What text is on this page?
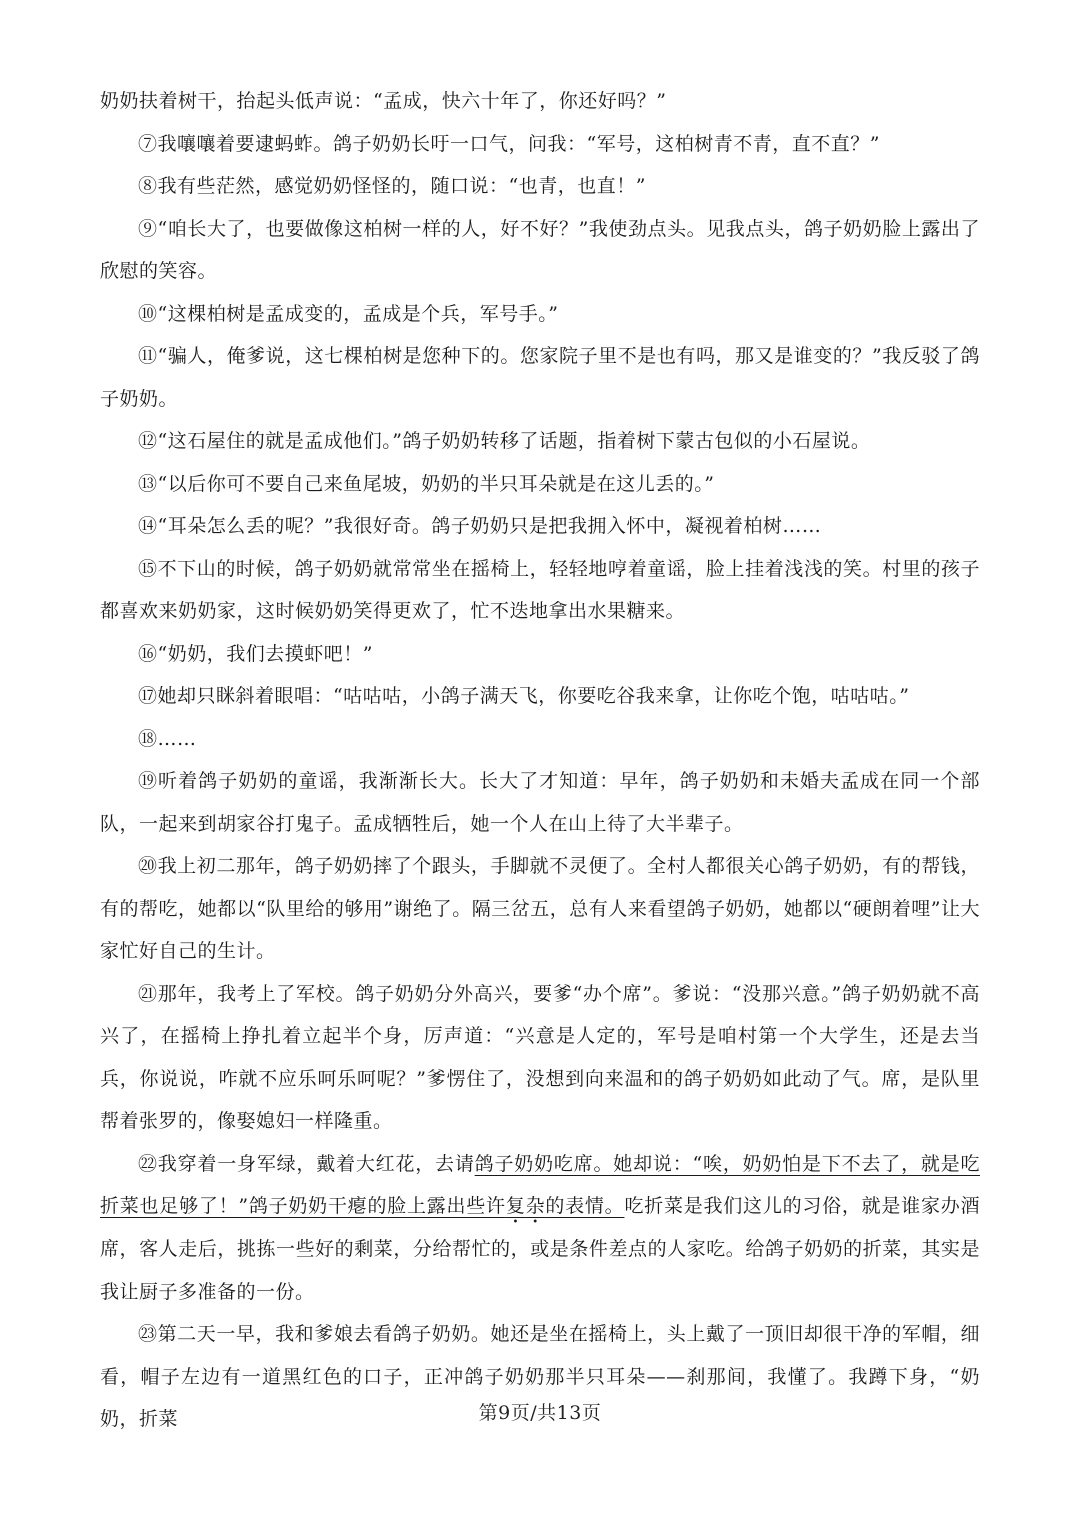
奶奶扶着树干，抬起头低声说：“孟成，快六十年了，你还好吗？”

⑦我嚷嚷着要逮蚂蚱。鸽子奶奶长吁一口气，问我：“军号，这柏树青不青，直不直？”

⑧我有些茫然，感觉奶奶怪怪的，随口说：“也青，也直！”

⑨“咱长大了，也要做像这柏树一样的人，好不好？”我使劲点头。见我点头，鸽子奶奶脸上露出了欣慰的笑容。

⑩“这棵柏树是孟成变的，孟成是个兵，军号手。”

⑪“骗人，俺爹说，这七棵柏树是您种下的。您家院子里不是也有吗，那又是谁变的？”我反驳了鸽子奶奶。

⑫“这石屋住的就是孟成他们。”鸽子奶奶转移了话题，指着树下蒙古包似的小石屋说。

⑬“以后你可不要自己来鱼尾坡，奶奶的半只耳朵就是在这儿丢的。”

⑭“耳朵怎么丢的呢？”我很好奇。鸽子奶奶只是把我拥入怀中，凝视着柏树……

⑮不下山的时候，鸽子奶奶就常常坐在摇椅上，轻轻地哼着童谣，脸上挂着浅浅的笑。村里的孩子都喜欢来奶奶家，这时候奶奶笑得更欢了，忙不迭地拿出水果糖来。

⑯“奶奶，我们去摸虾吧！”

⑰她却只眯斜着眼唱：“咕咕咕，小鸽子满天飞，你要吃谷我来拿，让你吃个饱，咕咕咕。”

⑱……

⑲听着鸽子奶奶的童谣，我渐渐长大。长大了才知道：早年，鸽子奶奶和未婚夫孟成在同一个部队，一起来到胡家谷打鬼子。孟成牺牲后，她一个人在山上待了大半辈子。

⑳我上初二那年，鸽子奶奶摔了个跟头，手脚就不灵便了。全村人都很关心鸽子奶奶，有的帮钱，有的帮吃，她都以“队里给的够用”谢绝了。隔三岔五，总有人来看望鸽子奶奶，她都以“硬朗着哩”让大家忙好自己的生计。

㉑那年，我考上了军校。鸽子奶奶分外高兴，要爹“办个席”。爹说：“没那兴意。”鸽子奶奶就不高兴了，在摇椅上挣扎着立起半个身，厉声道：“兴意是人定的，军号是咱村第一个大学生，还是去当兵，你说说，咋就不应乐呵乐呵呢？”爹愣住了，没想到向来温和的鸽子奶奶如此动了气。席，是队里帮着张罗的，像娶媳妇一样隆重。

㉒我穿着一身军绿，戴着大红花，去请鸽子奶奶吃席。她却说：“唉，奶奶怕是下不去了，就是吃折菜也足够了！”鸽子奶奶干瘪的脸上露出些许复杂的表情。吃折菜是我们这儿的习俗，就是谁家办酒席，客人走后，挑拣一些好的剩菜，分给帮忙的，或是条件差点的人家吃。给鸽子奶奶的折菜，其实是我让厨子多准备的一份。

㉓第二天一早，我和爹娘去看鸽子奶奶。她还是坐在摇椅上，头上戴了一顶旧却很干净的军帽，细看，帽子左边有一道黑红色的口子，正冲鸽子奶奶那半只耳朵——刹那间，我懂了。我蹲下身，“奶奶，折菜	第9页/共13页
